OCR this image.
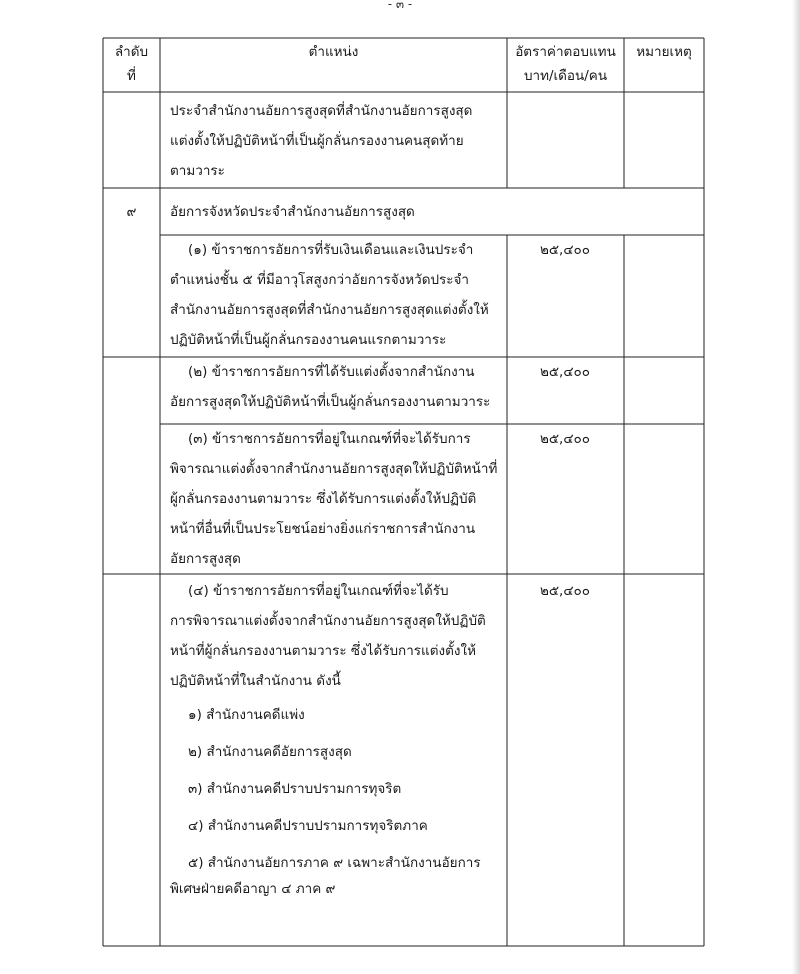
- ๓ -
ลำดับ
ที่
ตำแหน่ง	อัตราค่าตอบแทน
บาท/เดือน/คน
หมายเหตุ
ประจำสำนักงานอัยการสูงสุดที่สำนักงานอัยการสูงสุด
แต่งตั้งให้ปฏิบัติหน้าที่เป็นผู้กลั่นกรองงานคนสุดท้าย
ตามวาระ
๙	อัยการจังหวัดประจำสำนักงานอัยการสูงสุด
(๑) ข้าราชการอัยการที่รับเงินเดือนและเงินประจำ
ตำแหน่งชั้น ๕ ที่มีอาวุโสสูงกว่าอัยการจังหวัดประจำ
สำนักงานอัยการสูงสุดที่สำนักงานอัยการสูงสุดแต่งตั้งให้
ปฏิบัติหน้าที่เป็นผู้กลั่นกรองงานคนแรกตามวาระ
๒๕,๔๐๐
(๒) ข้าราชการอัยการที่ได้รับแต่งตั้งจากสำนักงาน
อัยการสูงสุดให้ปฏิบัติหน้าที่เป็นผู้กลั่นกรองงานตามวาระ
๒๕,๔๐๐
(๓) ข้าราชการอัยการที่อยู่ในเกณฑ์ที่จะได้รับการ
พิจารณาแต่งตั้งจากสำนักงานอัยการสูงสุดให้ปฏิบัติหน้าที่
ผู้กลั่นกรองงานตามวาระ ซึ่งได้รับการแต่งตั้งให้ปฏิบัติ
หน้าที่อื่นที่เป็นประโยชน์อย่างยิ่งแก่ราชการสำนักงาน
อัยการสูงสุด
๒๕,๔๐๐
(๔) ข้าราชการอัยการที่อยู่ในเกณฑ์ที่จะได้รับ
การพิจารณาแต่งตั้งจากสำนักงานอัยการสูงสุดให้ปฏิบัติ
หน้าที่ผู้กลั่นกรองงานตามวาระ ซึ่งได้รับการแต่งตั้งให้
ปฏิบัติหน้าที่ในสำนักงาน ดังนี้
๒๕,๔๐๐
๑) สำนักงานคดีแพ่ง
๒) สำนักงานคดีอัยการสูงสุด
๓) สำนักงานคดีปราบปรามการทุจริต
๔) สำนักงานคดีปราบปรามการทุจริตภาค
๕) สำนักงานอัยการภาค ๙ เฉพาะสำนักงานอัยการ
พิเศษฝ่ายคดีอาญา ๔ ภาค ๙
